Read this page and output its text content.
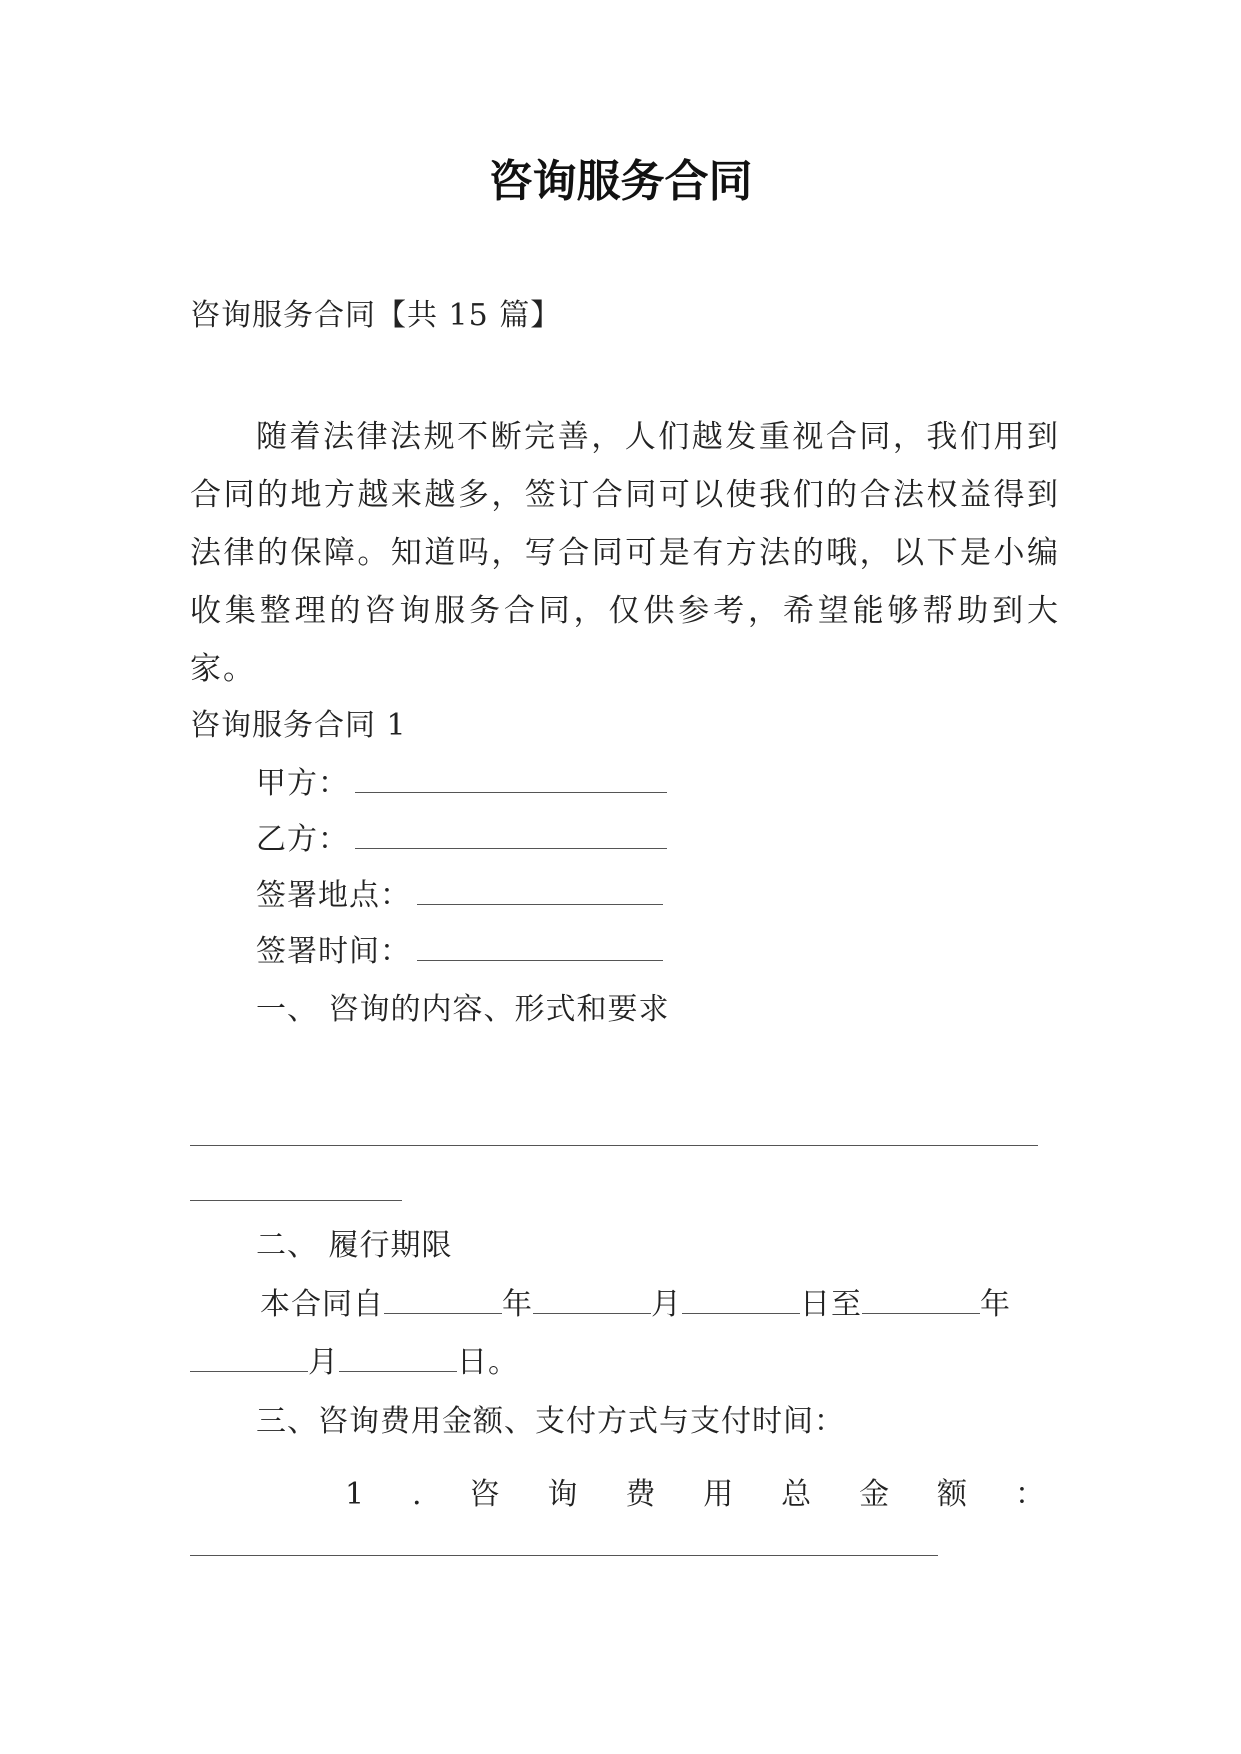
咨询服务合同
咨询服务合同【共 15 篇】
随着法律法规不断完善，人们越发重视合同，我们用到合同的地方越来越多，签订合同可以使我们的合法权益得到法律的保障。知道吗，写合同可是有方法的哦，以下是小编收集整理的咨询服务合同，仅供参考，希望能够帮助到大家。
咨询服务合同 1
甲方：
乙方：
签署地点：
签署时间：
一、 咨询的内容、形式和要求
二、 履行期限
本合同自	年	月	日至	年
月	日。
三、咨询费用金额、支付方式与支付时间：
1 . 咨 询 费 用 总 金 额 ：
